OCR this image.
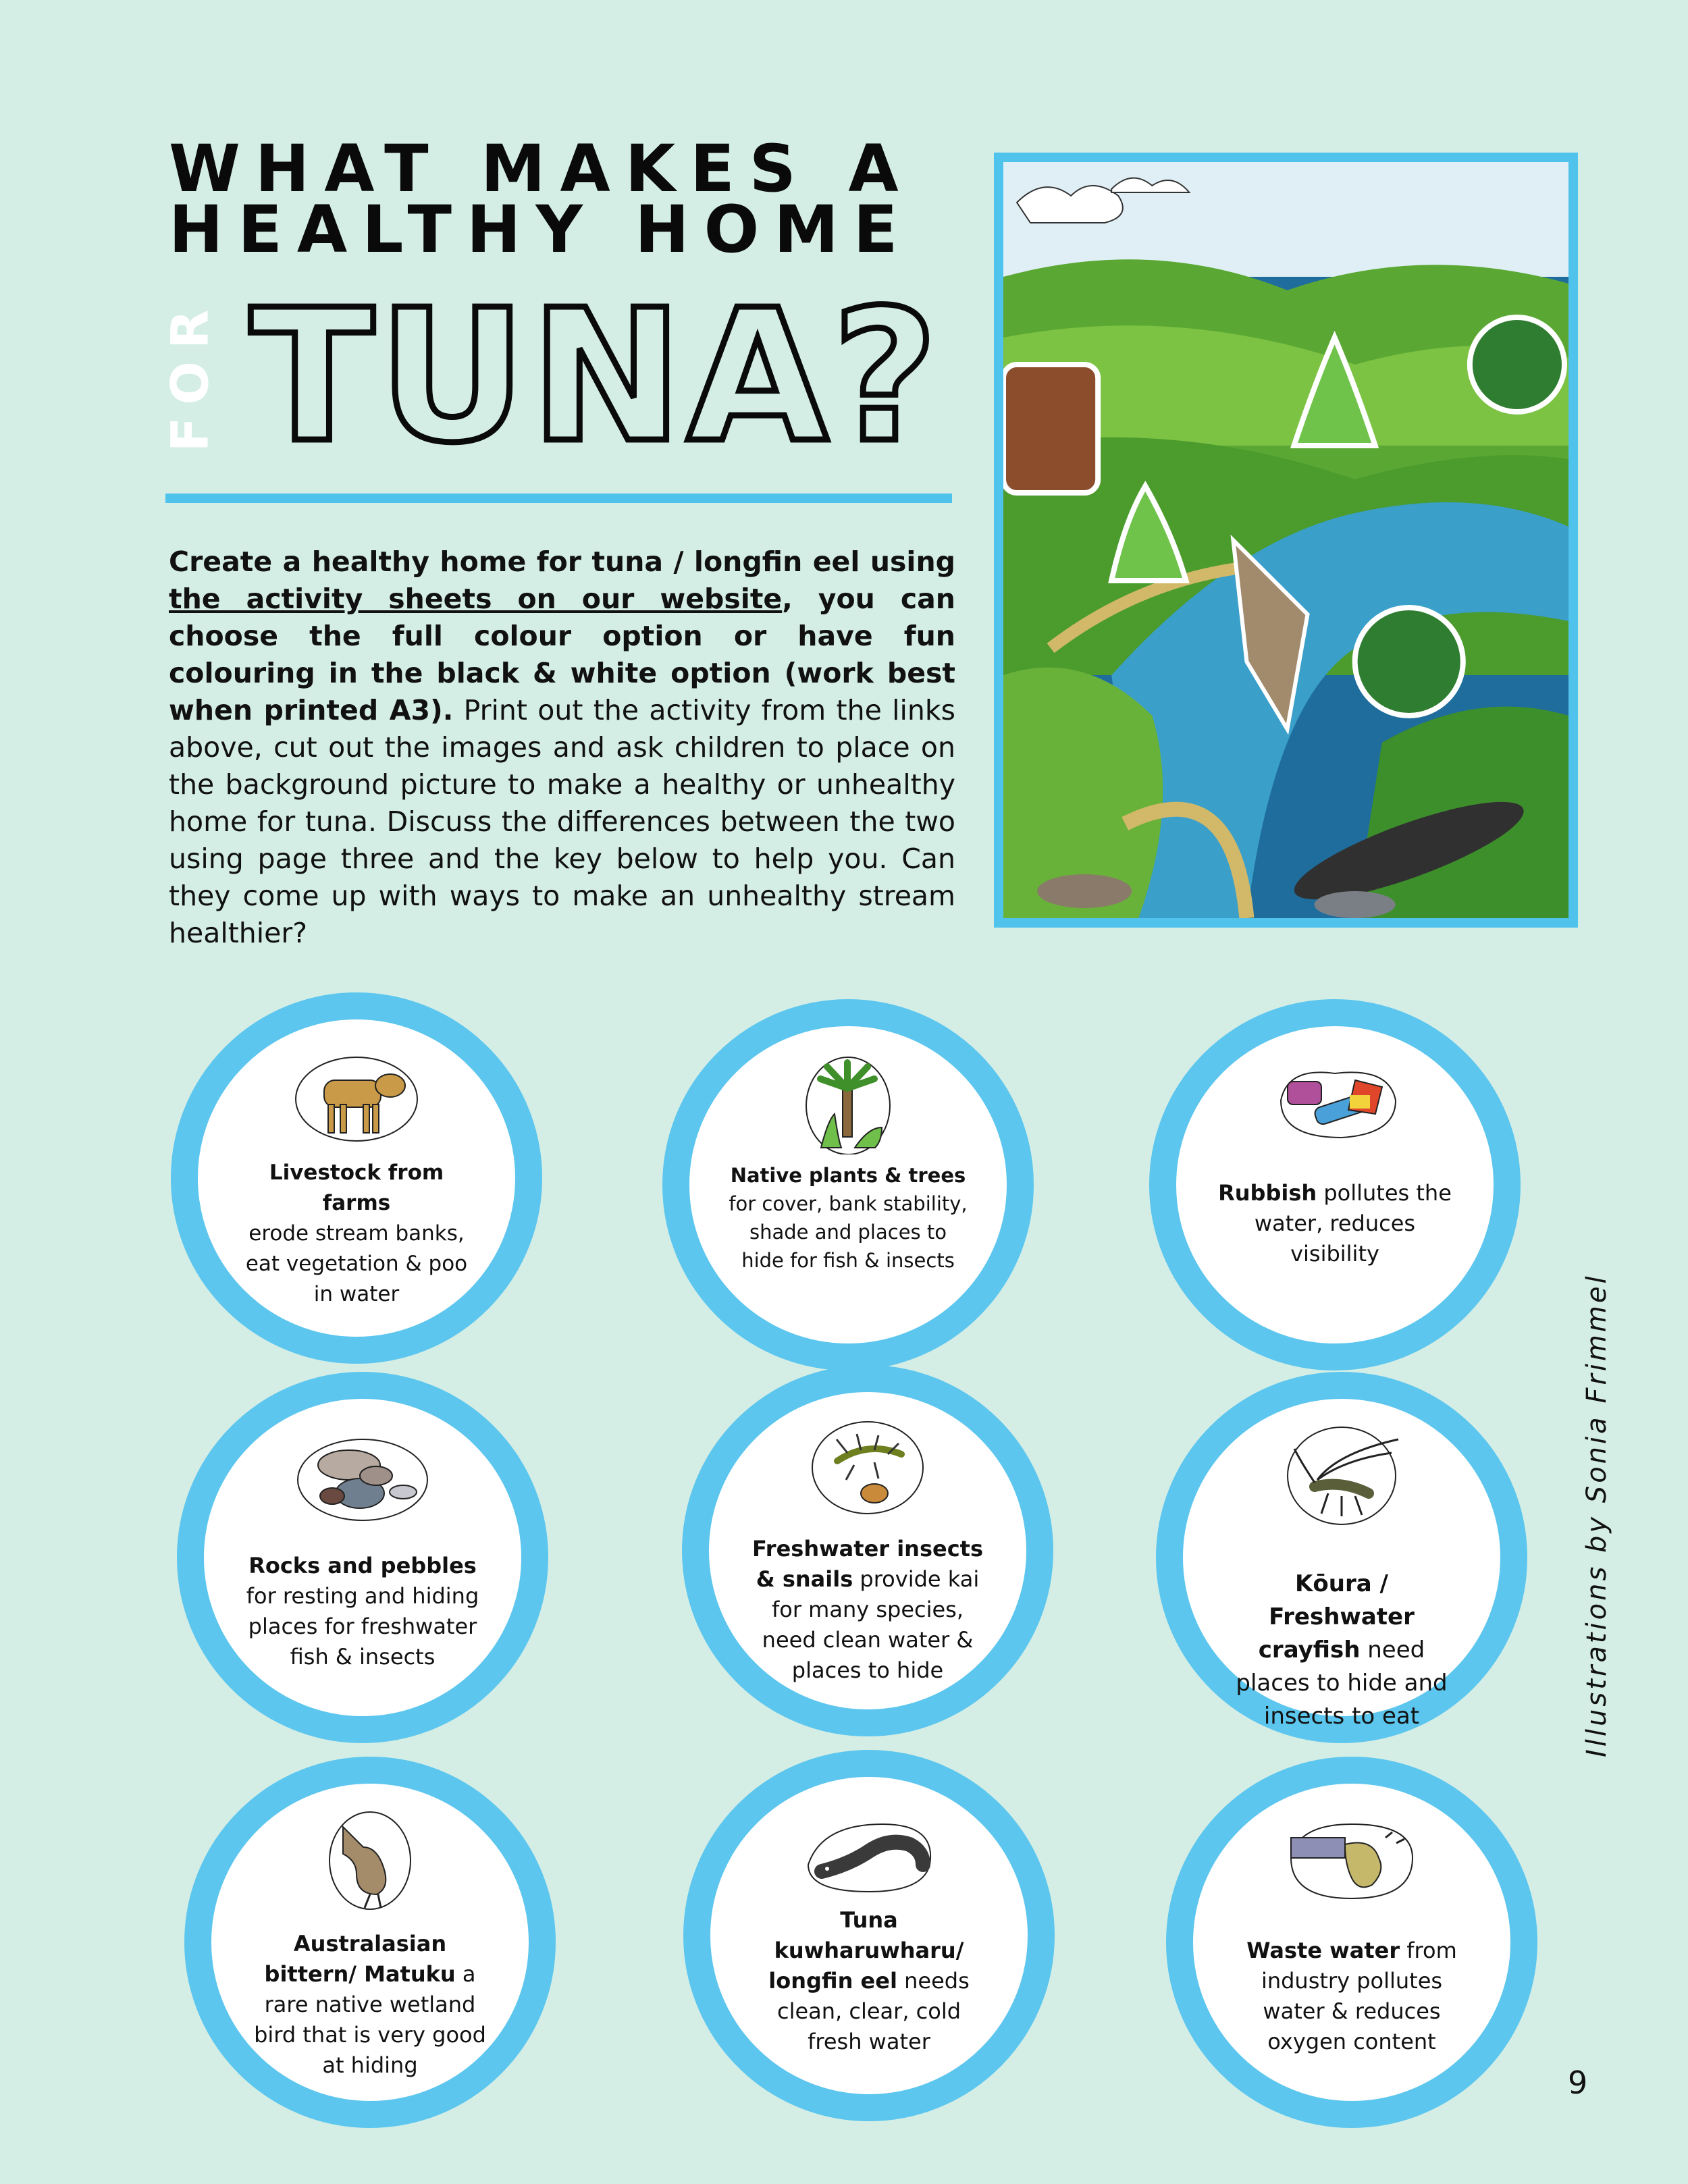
WHAT MAKES A
HEALTHY HOME
FOR TUNA?
Create a healthy home for tuna / longfin eel using the activity sheets on our website, you can choose the full colour option or have fun colouring in the black & white option (work best when printed A3). Print out the activity from the links above, cut out the images and ask children to place on the background picture to make a healthy or unhealthy home for tuna. Discuss the differences between the two using page three and the key below to help you. Can they come up with ways to make an unhealthy stream healthier?
Livestock from farms
erode stream banks, eat vegetation & poo in water
Native plants & trees
for cover, bank stability, shade and places to hide for fish & insects
Rubbish pollutes the water, reduces visibility
Rocks and pebbles for resting and hiding places for freshwater fish & insects
Freshwater insects & snails provide kai for many species, need clean water & places to hide
Kōura / Freshwater crayfish need places to hide and insects to eat
Australasian bittern/ Matuku a rare native wetland bird that is very good at hiding
Tuna kuwharuwharu/ longfin eel needs clean, clear, cold fresh water
Waste water from industry pollutes water & reduces oxygen content
Illustrations by Sonia Frimmel
9
